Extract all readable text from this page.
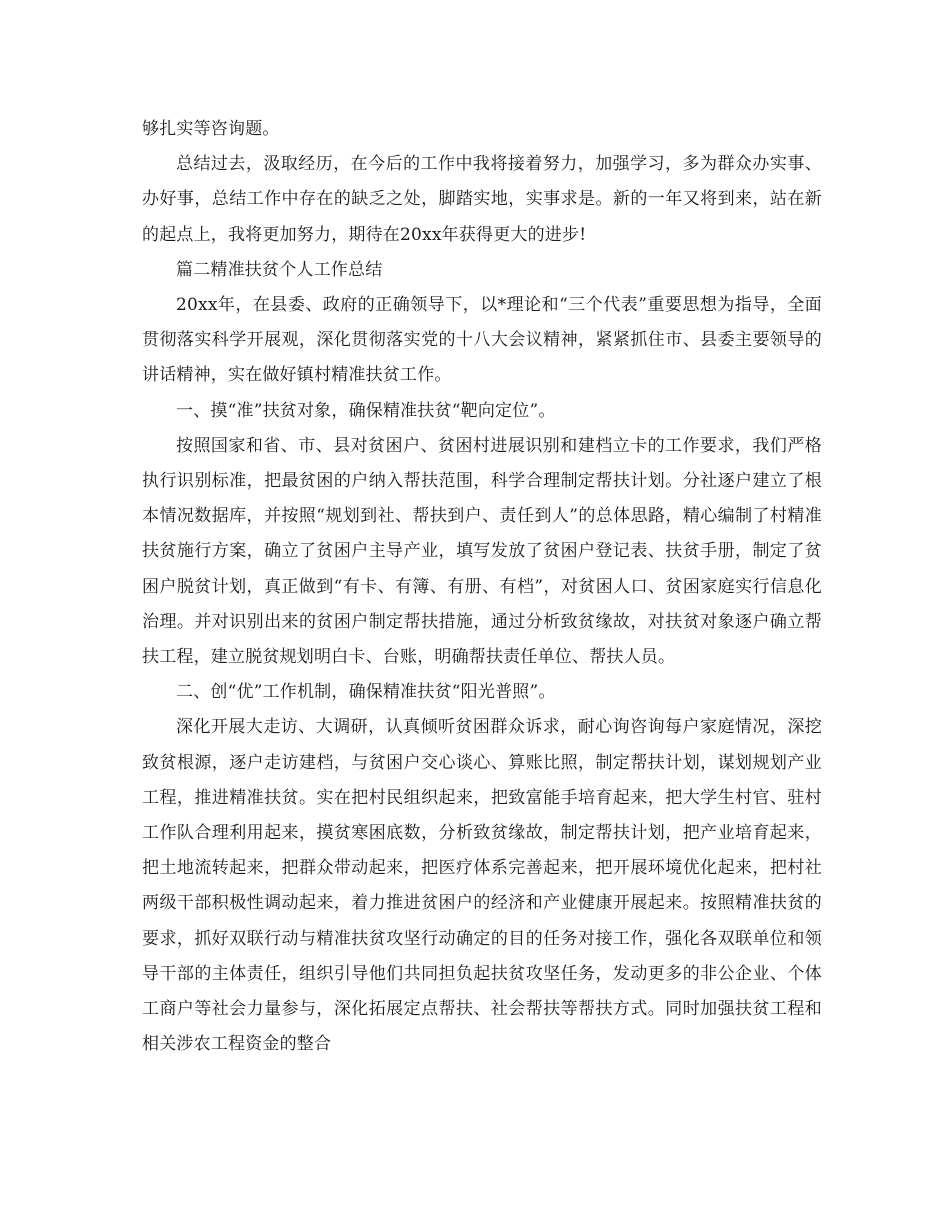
够扎实等咨询题。

总结过去，汲取经历，在今后的工作中我将接着努力，加强学习，多为群众办实事、办好事，总结工作中存在的缺乏之处，脚踏实地，实事求是。新的一年又将到来，站在新的起点上，我将更加努力，期待在20xx年获得更大的进步!

篇二精准扶贫个人工作总结

20xx年，在县委、政府的正确领导下，以*理论和“三个代表”重要思想为指导，全面贯彻落实科学开展观，深化贯彻落实党的十八大会议精神，紧紧抓住市、县委主要领导的讲话精神，实在做好镇村精准扶贫工作。

一、摸“准”扶贫对象，确保精准扶贫“靶向定位”。

按照国家和省、市、县对贫困户、贫困村进展识别和建档立卡的工作要求，我们严格执行识别标准，把最贫困的户纳入帮扶范围，科学合理制定帮扶计划。分社逐户建立了根本情况数据库，并按照“规划到社、帮扶到户、责任到人”的总体思路，精心编制了村精准扶贫施行方案，确立了贫困户主导产业，填写发放了贫困户登记表、扶贫手册，制定了贫困户脱贫计划，真正做到“有卡、有簿、有册、有档”，对贫困人口、贫困家庭实行信息化治理。并对识别出来的贫困户制定帮扶措施，通过分析致贫缘故，对扶贫对象逐户确立帮扶工程，建立脱贫规划明白卡、台账，明确帮扶责任单位、帮扶人员。

二、创“优”工作机制，确保精准扶贫“阳光普照”。

深化开展大走访、大调研，认真倾听贫困群众诉求，耐心询咨询每户家庭情况，深挖致贫根源，逐户走访建档，与贫困户交心谈心、算账比照，制定帮扶计划，谋划规划产业工程，推进精准扶贫。实在把村民组织起来，把致富能手培育起来，把大学生村官、驻村工作队合理利用起来，摸贫寒困底数，分析致贫缘故，制定帮扶计划，把产业培育起来，把土地流转起来，把群众带动起来，把医疗体系完善起来，把开展环境优化起来，把村社两级干部积极性调动起来，着力推进贫困户的经济和产业健康开展起来。按照精准扶贫的要求，抓好双联行动与精准扶贫攻坚行动确定的目的任务对接工作，强化各双联单位和领导干部的主体责任，组织引导他们共同担负起扶贫攻坚任务，发动更多的非公企业、个体工商户等社会力量参与，深化拓展定点帮扶、社会帮扶等帮扶方式。同时加强扶贫工程和相关涉农工程资金的整合
